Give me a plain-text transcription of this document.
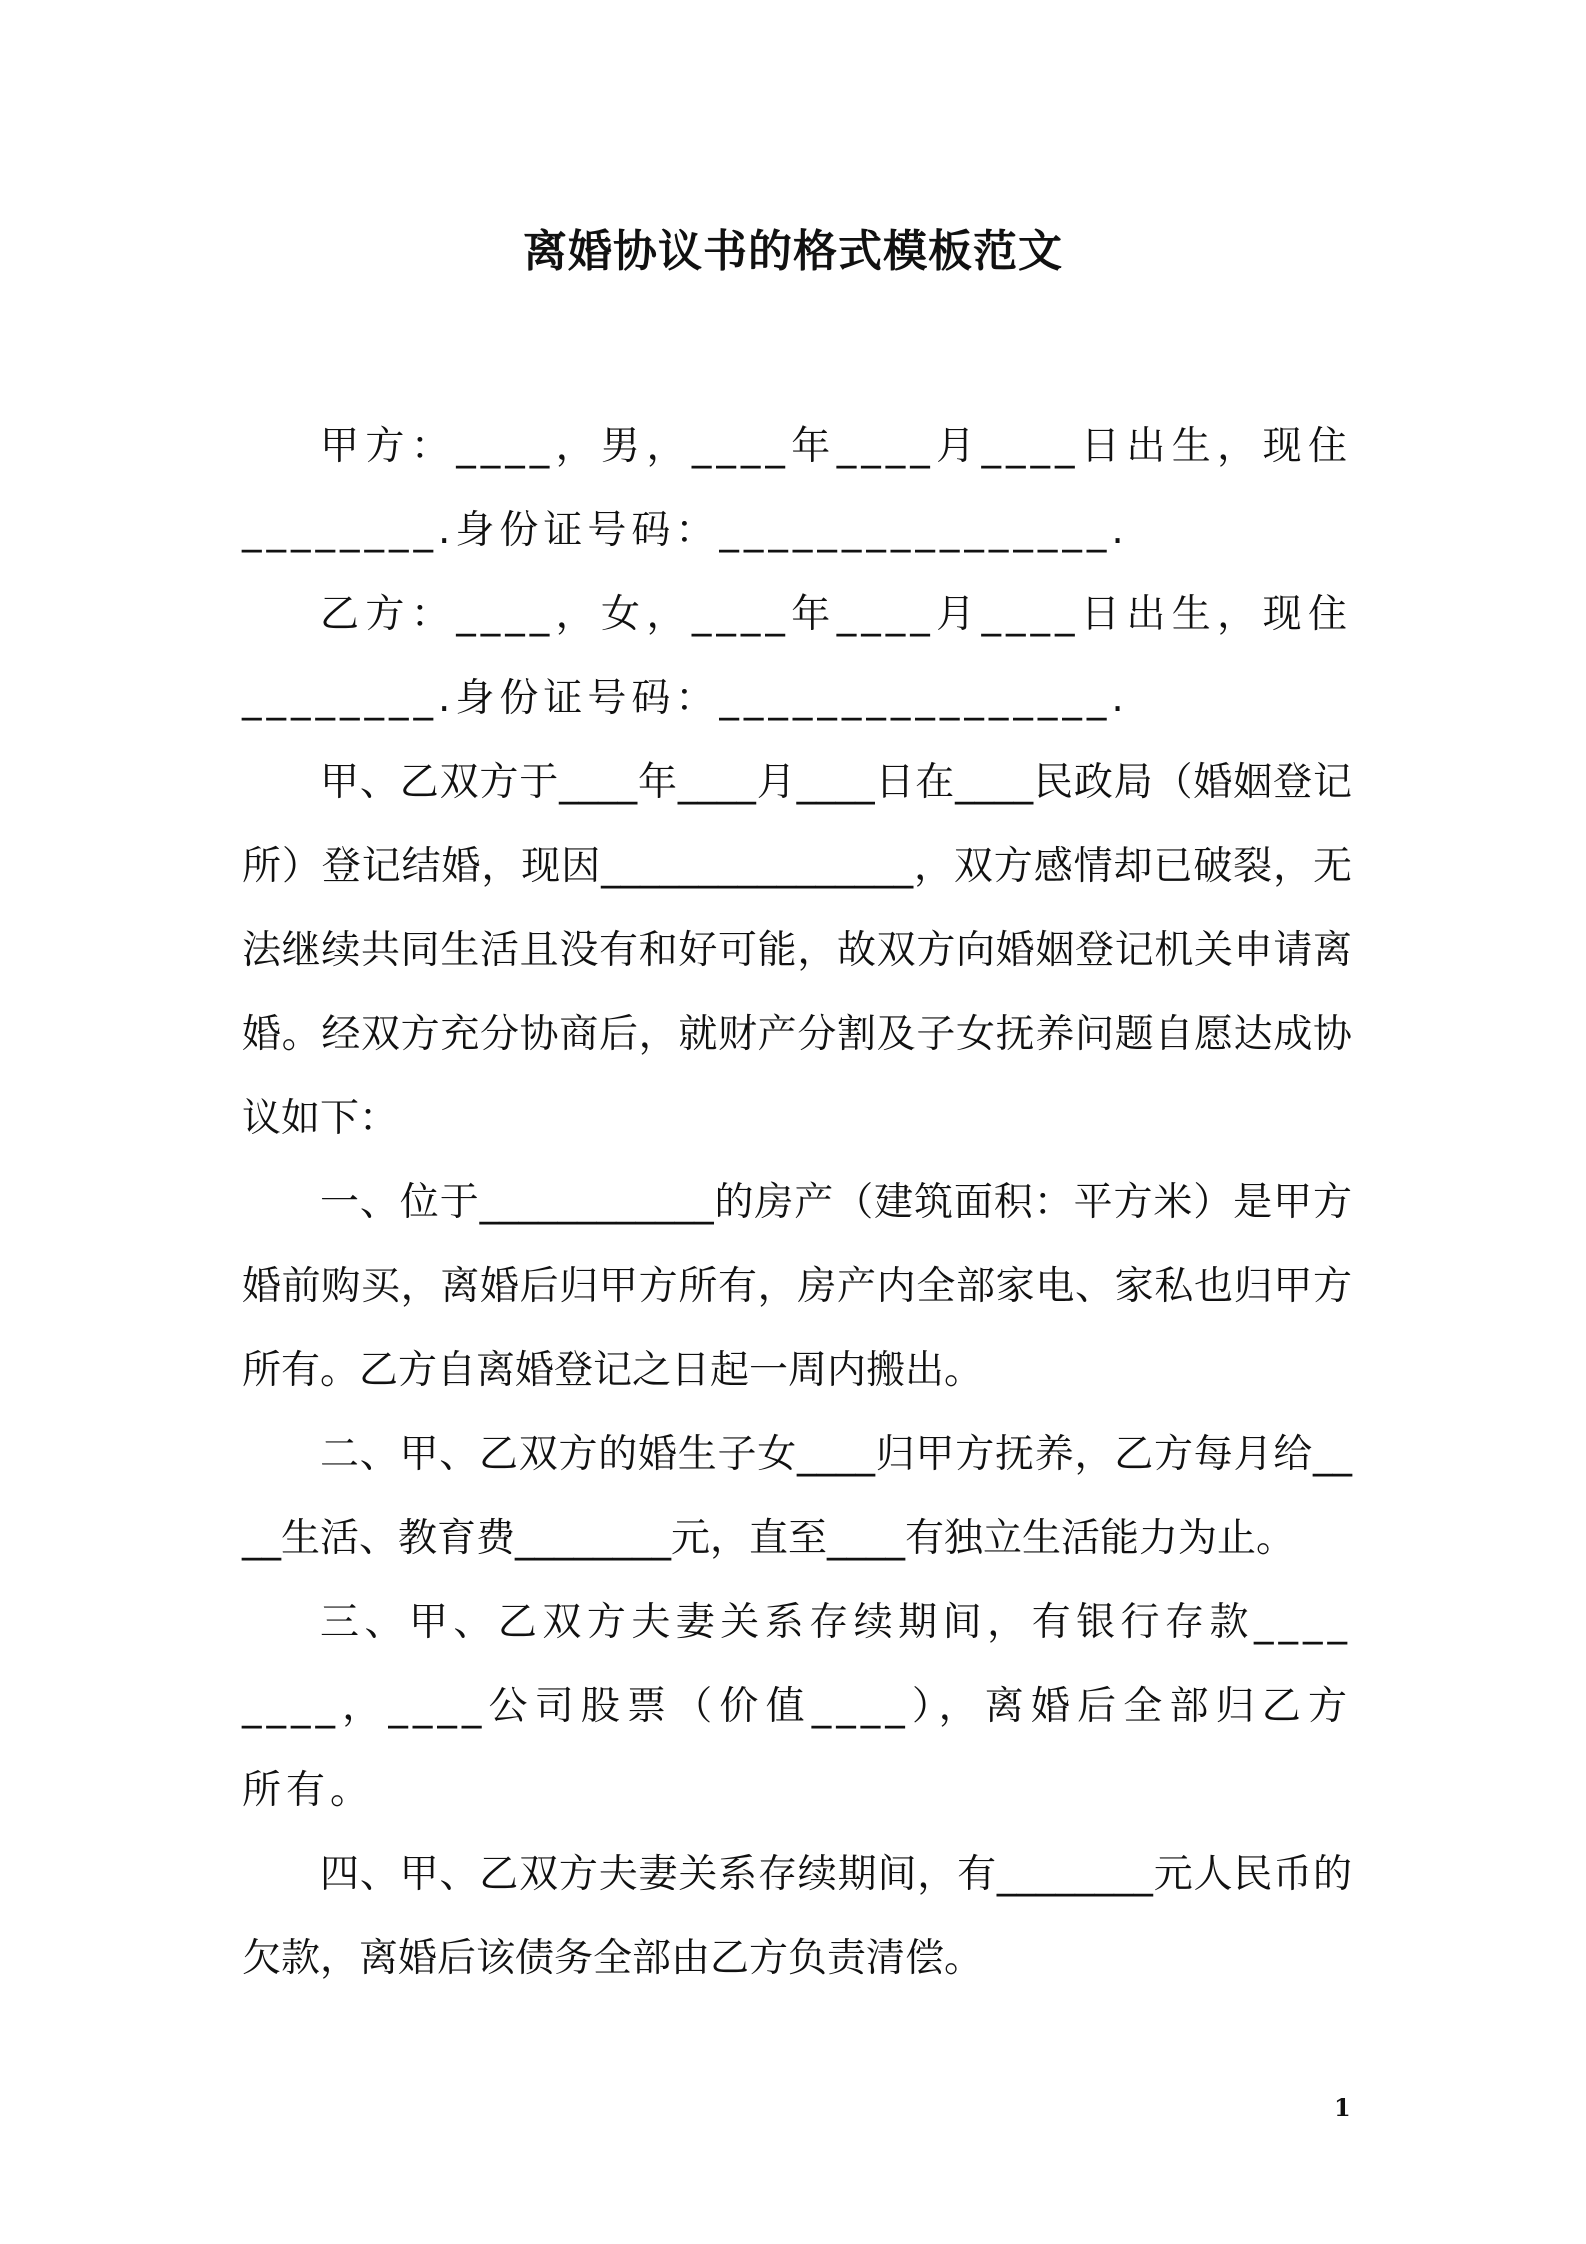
离婚协议书的格式模板范文

甲方：____，男，____年____月____日出生，现住________.身份证号码：________________.

乙方：____，女，____年____月____日出生，现住________.身份证号码：________________.

甲、乙双方于____年____月____日在____民政局（婚姻登记所）登记结婚，现因________________，双方感情却已破裂，无法继续共同生活且没有和好可能，故双方向婚姻登记机关申请离婚。经双方充分协商后，就财产分割及子女抚养问题自愿达成协议如下：

一、位于____________的房产（建筑面积：平方米）是甲方婚前购买，离婚后归甲方所有，房产内全部家电、家私也归甲方所有。乙方自离婚登记之日起一周内搬出。

二、甲、乙双方的婚生子女____归甲方抚养，乙方每月给____生活、教育费________元，直至____有独立生活能力为止。

三、甲、乙双方夫妻关系存续期间，有银行存款________，____公司股票（价值____），离婚后全部归乙方所有。

四、甲、乙双方夫妻关系存续期间，有________元人民币的欠款，离婚后该债务全部由乙方负责清偿。

1
